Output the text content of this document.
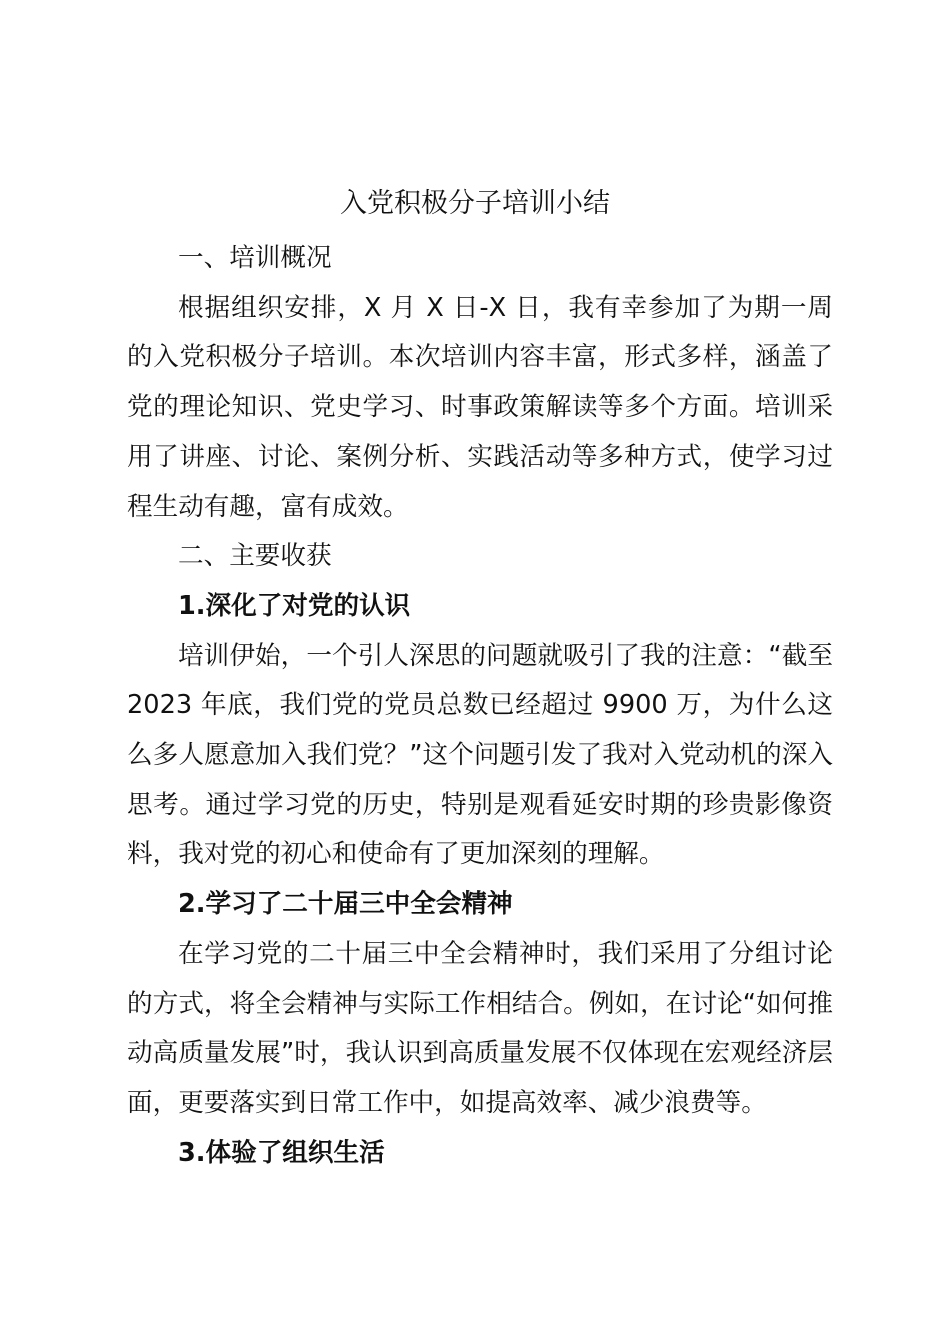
入党积极分子培训小结

一、培训概况

根据组织安排，X 月 X 日-X 日，我有幸参加了为期一周的入党积极分子培训。本次培训内容丰富，形式多样，涵盖了党的理论知识、党史学习、时事政策解读等多个方面。培训采用了讲座、讨论、案例分析、实践活动等多种方式，使学习过程生动有趣，富有成效。

二、主要收获

1.深化了对党的认识

培训伊始，一个引人深思的问题就吸引了我的注意：“截至 2023 年底，我们党的党员总数已经超过 9900 万，为什么这么多人愿意加入我们党？”这个问题引发了我对入党动机的深入思考。通过学习党的历史，特别是观看延安时期的珍贵影像资料，我对党的初心和使命有了更加深刻的理解。

2.学习了二十届三中全会精神

在学习党的二十届三中全会精神时，我们采用了分组讨论的方式，将全会精神与实际工作相结合。例如，在讨论“如何推动高质量发展”时，我认识到高质量发展不仅体现在宏观经济层面，更要落实到日常工作中，如提高效率、减少浪费等。

3.体验了组织生活
